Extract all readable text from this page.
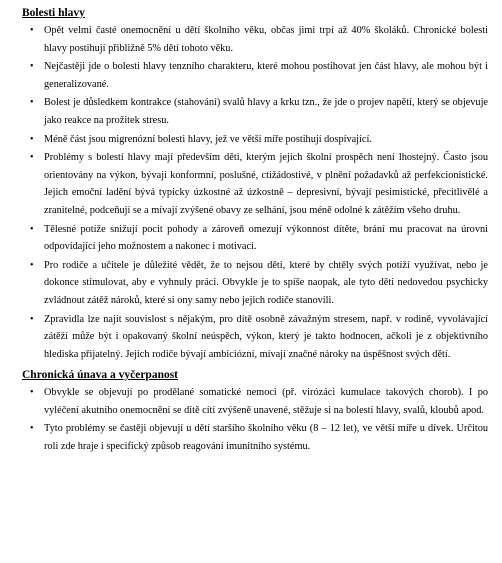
Bolesti hlavy
• Opět velmi časté onemocnění u dětí školního věku, občas jimi trpí až 40% školáků. Chronické bolesti hlavy postihují přibližně 5% dětí tohoto věku.
• Nejčastěji jde o bolesti hlavy tenzního charakteru, které mohou postihovat jen část hlavy, ale mohou být i generalizované.
• Bolest je důsledkem kontrakce (stahování) svalů hlavy a krku tzn., že jde o projev napětí, který se objevuje jako reakce na prožitek stresu.
• Méně část jsou migrenózní bolesti hlavy, jež ve větší míře postihují dospívající.
• Problémy s bolestí hlavy mají především děti, kterým jejich školní prospěch není lhostejný. Často jsou orientovány na výkon, bývají konformní, poslušné, ctižádostivé, v plnění požadavků až perfekcionistické. Jejich emoční ladění bývá typicky úzkostné až úzkostně – depresivní, bývají pesimistické, přecitlivělé a zranitelné, podceňují se a mívají zvýšené obavy ze selhání, jsou méně odolné k zátěžím všeho druhu.
• Tělesné potíže snižují pocit pohody a zároveň omezují výkonnost dítěte, brání mu pracovat na úrovni odpovídající jeho možnostem a nakonec i motivaci.
• Pro rodiče a učitele je důležité vědět, že to nejsou děti, které by chtěly svých potíží využívat, nebo je dokonce stimulovat, aby e vyhnuly práci. Obvykle je to spíše naopak, ale tyto děti nedovedou psychicky zvládnout zátěž nároků, které si ony samy nebo jejich rodiče stanovili.
• Zpravidla lze najít souvislost s nějakým, pro dítě osobně závažným stresem, např. v rodině, vyvolávající zátěží může být i opakovaný školní neúspěch, výkon, který je takto hodnocen, ačkoli je z objektivního hlediska přijatelný. Jejich rodiče bývají ambiciózní, mívají značné nároky na úspěšnost svých dětí.
Chronická únava a vyčerpanost
• Obvykle se objevují po prodělané somatické nemoci (př. virózáci kumulace takových chorob). I po vyléčení akutního onemocnění se dítě cítí zvýšeně unavené, stěžuje si na bolesti hlavy, svalů, kloubů apod.
• Tyto problémy se častěji objevují u dětí staršího školního věku (8 – 12 let), ve větší míře u dívek. Určitou roli zde hraje i specifický způsob reagování imunitního systému.
